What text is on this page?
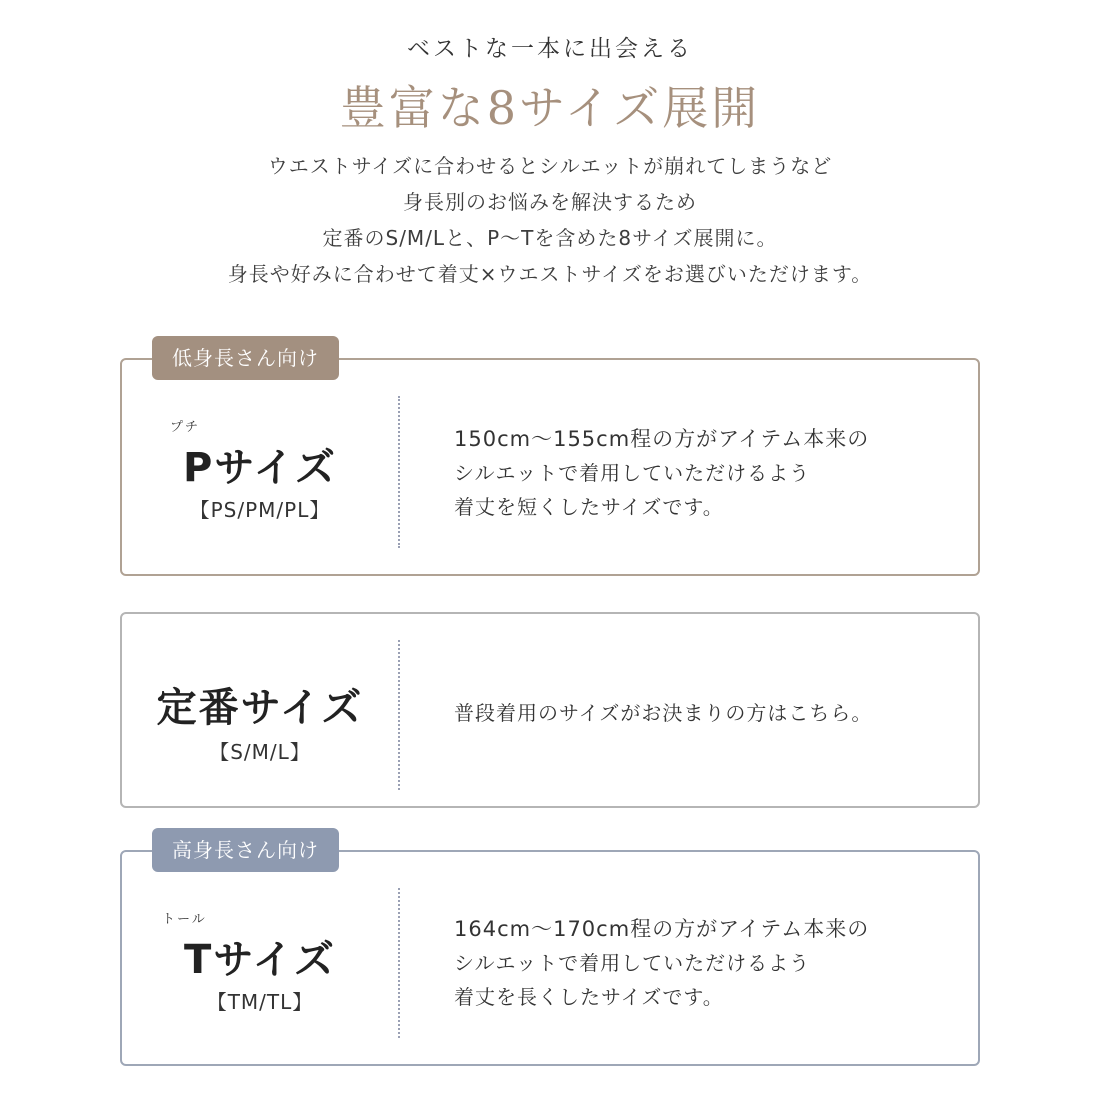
ベストな一本に出会える
豊富な8サイズ展開
ウエストサイズに合わせるとシルエットが崩れてしまうなど
身長別のお悩みを解決するため
定番のS/M/Lと、P〜Tを含めた8サイズ展開に。
身長や好みに合わせて着丈×ウエストサイズをお選びいただけます。
低身長さん向け
プチ
Pサイズ
【PS/PM/PL】
150cm〜155cm程の方がアイテム本来の
シルエットで着用していただけるよう
着丈を短くしたサイズです。
定番サイズ
【S/M/L】
普段着用のサイズがお決まりの方はこちら。
高身長さん向け
トール
Tサイズ
【TM/TL】
164cm〜170cm程の方がアイテム本来の
シルエットで着用していただけるよう
着丈を長くしたサイズです。
